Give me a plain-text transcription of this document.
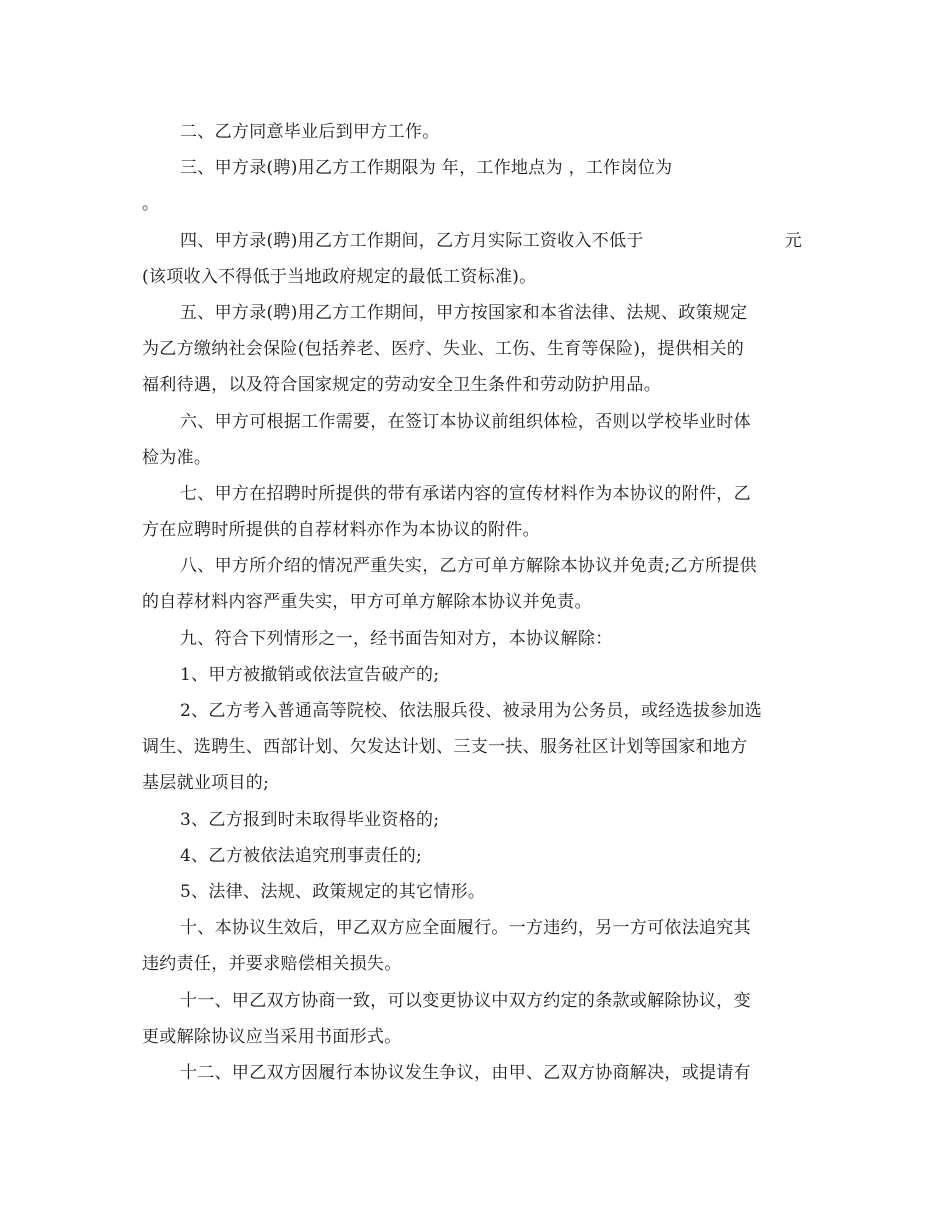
二、乙方同意毕业后到甲方工作。
三、甲方录(聘)用乙方工作期限为 年，工作地点为 ，工作岗位为
。
四、甲方录(聘)用乙方工作期间，乙方月实际工资收入不低于	元
(该项收入不得低于当地政府规定的最低工资标准)。
五、甲方录(聘)用乙方工作期间，甲方按国家和本省法律、法规、政策规定
为乙方缴纳社会保险(包括养老、医疗、失业、工伤、生育等保险)，提供相关的
福利待遇，以及符合国家规定的劳动安全卫生条件和劳动防护用品。
六、甲方可根据工作需要，在签订本协议前组织体检，否则以学校毕业时体
检为准。
七、甲方在招聘时所提供的带有承诺内容的宣传材料作为本协议的附件，乙
方在应聘时所提供的自荐材料亦作为本协议的附件。
八、甲方所介绍的情况严重失实，乙方可单方解除本协议并免责;乙方所提供
的自荐材料内容严重失实，甲方可单方解除本协议并免责。
九、符合下列情形之一，经书面告知对方，本协议解除：
1、甲方被撤销或依法宣告破产的;
2、乙方考入普通高等院校、依法服兵役、被录用为公务员，或经选拔参加选
调生、选聘生、西部计划、欠发达计划、三支一扶、服务社区计划等国家和地方
基层就业项目的;
3、乙方报到时未取得毕业资格的;
4、乙方被依法追究刑事责任的;
5、法律、法规、政策规定的其它情形。
十、本协议生效后，甲乙双方应全面履行。一方违约，另一方可依法追究其
违约责任，并要求赔偿相关损失。
十一、甲乙双方协商一致，可以变更协议中双方约定的条款或解除协议，变
更或解除协议应当采用书面形式。
十二、甲乙双方因履行本协议发生争议，由甲、乙双方协商解决，或提请有
